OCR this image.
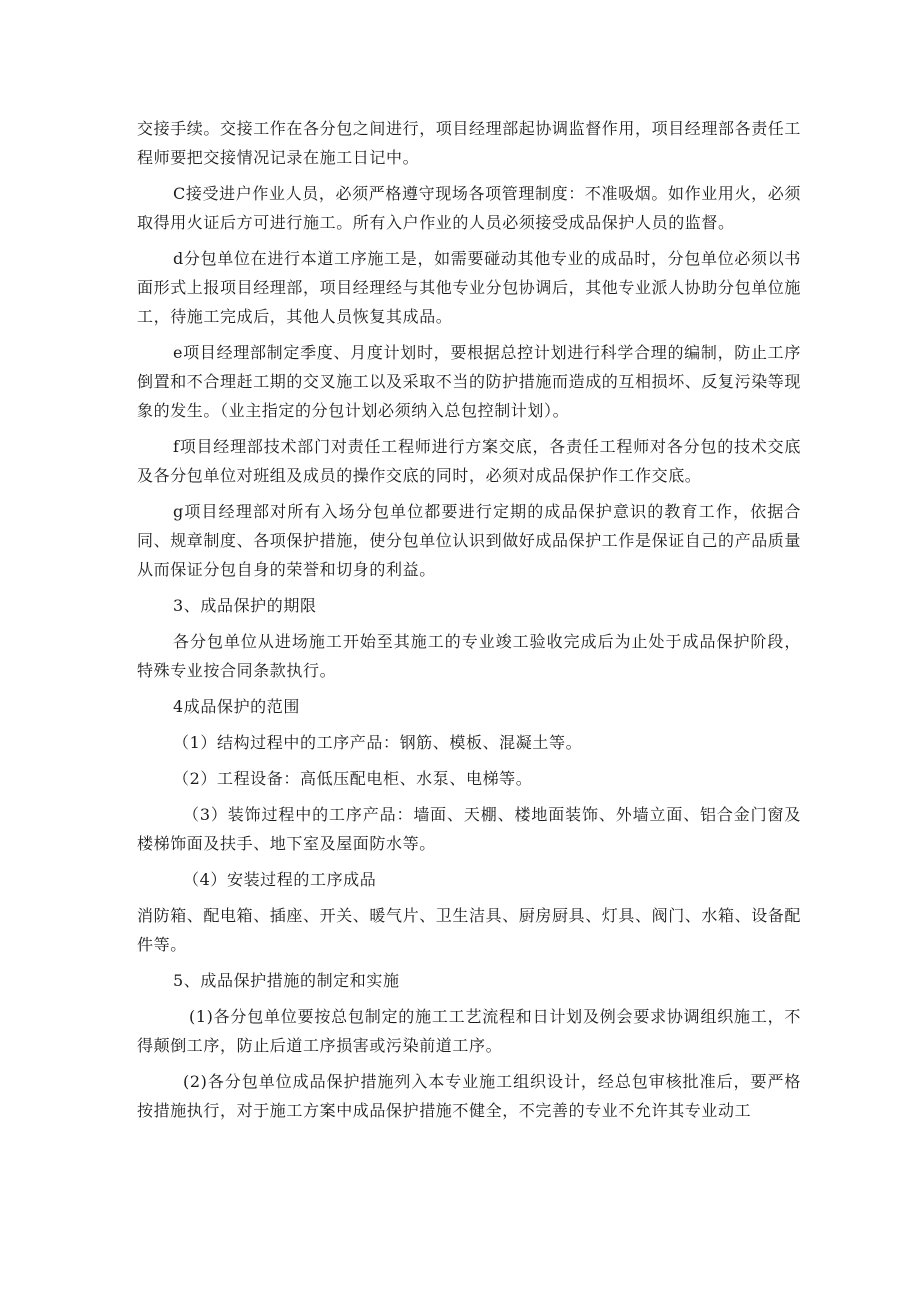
交接手续。交接工作在各分包之间进行，项目经理部起协调监督作用，项目经理部各责任工程师要把交接情况记录在施工日记中。

C接受进户作业人员，必须严格遵守现场各项管理制度：不准吸烟。如作业用火，必须取得用火证后方可进行施工。所有入户作业的人员必须接受成品保护人员的监督。

d分包单位在进行本道工序施工是，如需要碰动其他专业的成品时，分包单位必须以书面形式上报项目经理部，项目经理经与其他专业分包协调后，其他专业派人协助分包单位施工，待施工完成后，其他人员恢复其成品。

e项目经理部制定季度、月度计划时，要根据总控计划进行科学合理的编制，防止工序倒置和不合理赶工期的交叉施工以及采取不当的防护措施而造成的互相损坏、反复污染等现象的发生。（业主指定的分包计划必须纳入总包控制计划）。

f项目经理部技术部门对责任工程师进行方案交底，各责任工程师对各分包的技术交底及各分包单位对班组及成员的操作交底的同时，必须对成品保护作工作交底。

g项目经理部对所有入场分包单位都要进行定期的成品保护意识的教育工作，依据合同、规章制度、各项保护措施，使分包单位认识到做好成品保护工作是保证自己的产品质量从而保证分包自身的荣誉和切身的利益。

3、成品保护的期限

各分包单位从进场施工开始至其施工的专业竣工验收完成后为止处于成品保护阶段，特殊专业按合同条款执行。

4成品保护的范围

（1）结构过程中的工序产品：钢筋、模板、混凝土等。

（2）工程设备：高低压配电柜、水泵、电梯等。

（3）装饰过程中的工序产品：墙面、天棚、楼地面装饰、外墙立面、铝合金门窗及楼梯饰面及扶手、地下室及屋面防水等。

（4）安装过程的工序成品

消防箱、配电箱、插座、开关、暖气片、卫生洁具、厨房厨具、灯具、阀门、水箱、设备配件等。

5、成品保护措施的制定和实施

(1)各分包单位要按总包制定的施工工艺流程和日计划及例会要求协调组织施工，不得颠倒工序，防止后道工序损害或污染前道工序。

(2)各分包单位成品保护措施列入本专业施工组织设计，经总包审核批准后，要严格按措施执行，对于施工方案中成品保护措施不健全，不完善的专业不允许其专业动工
